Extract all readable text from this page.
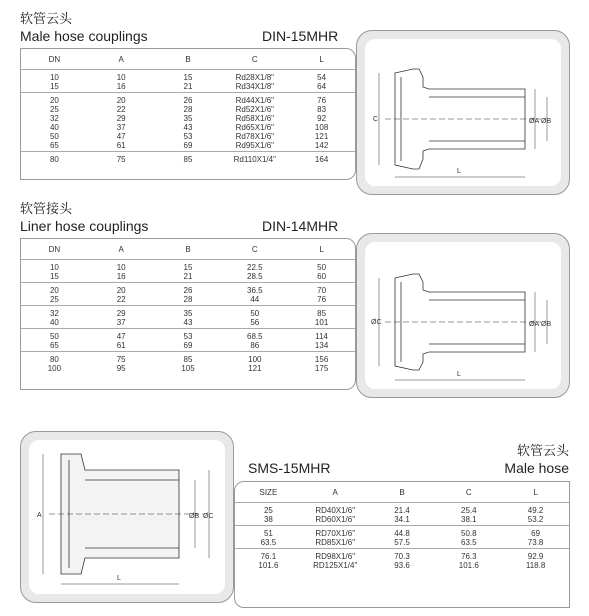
软管云头
Male hose couplings	DIN-15MHR
DN	A	B	C	L
10	10	15	Rd28X1/8"	54
15	16	21	Rd34X1/8"	64
20	20	26	Rd44X1/6"	76
25	22	28	Rd52X1/6"	83
32	29	35	Rd58X1/6"	92
40	37	43	Rd65X1/6"	108
50	47	53	Rd78X1/6"	121
65	61	69	Rd95X1/6"	142
80	75	85	Rd110X1/4"	164
C	ØA ØB
L
软管接头
Liner hose couplings	DIN-14MHR
DN	A	B	C	L
10	10	15	22.5	50
15	16	21	28.5	60
20	20	26	36.5	70
25	22	28	44	76
32	29	35	50	85
40	37	43	56	101
50	47	53	68.5	114
65	61	69	86	134
80	75	85	100	156
100	95	105	121	175
ØC	ØA ØB
L
A	ØB ØC
L
软管云头
Male hose
SMS-15MHR
SIZE	A	B	C	L
25	RD40X1/6"	21.4	25.4	49.2
38	RD60X1/6"	34.1	38.1	53.2
51	RD70X1/6"	44.8	50.8	69
63.5	RD85X1/6"	57.5	63.5	73.8
76.1	RD98X1/6"	70.3	76.3	92.9
101.6	RD125X1/4"	93.6	101.6	118.8
